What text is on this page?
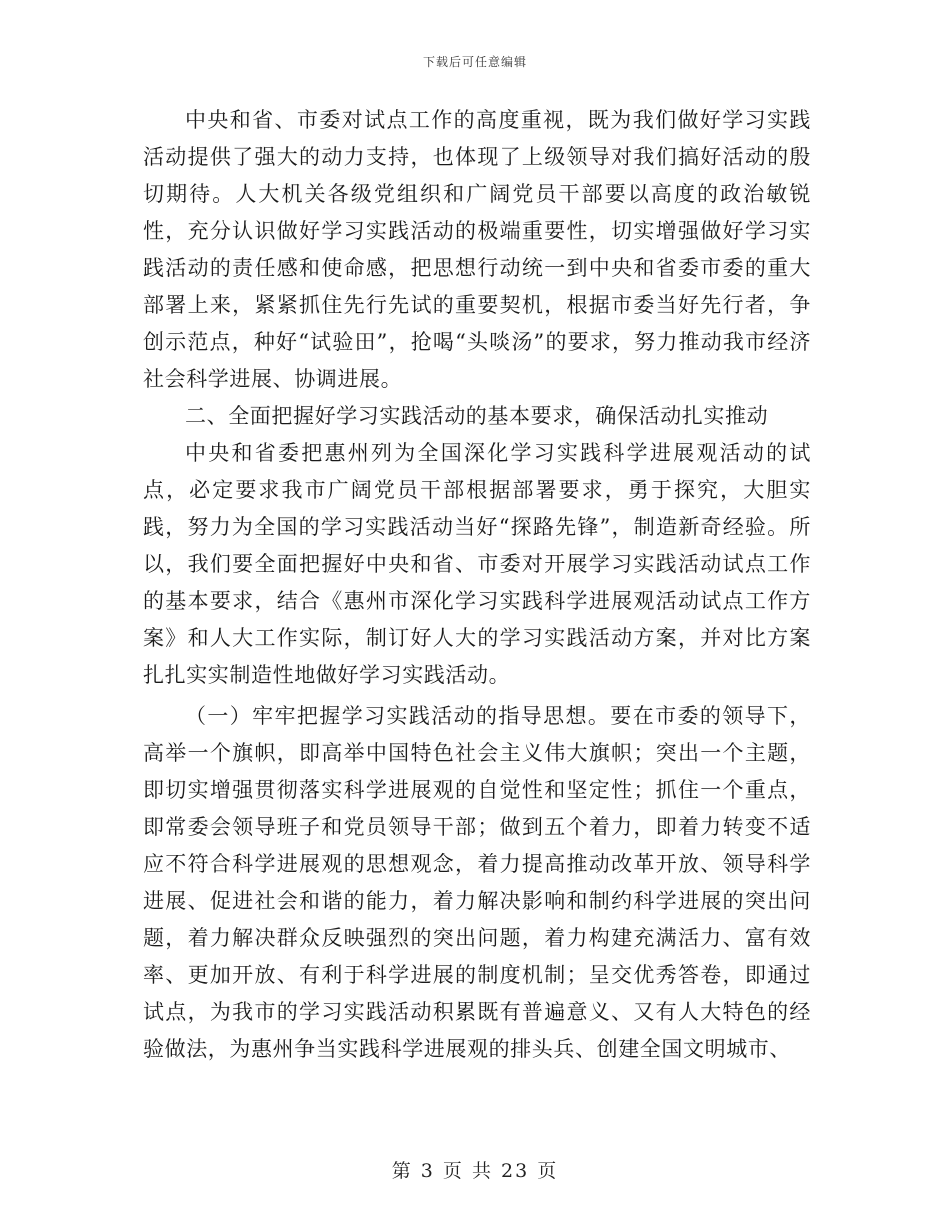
下载后可任意编辑

中央和省、市委对试点工作的高度重视，既为我们做好学习实践活动提供了强大的动力支持，也体现了上级领导对我们搞好活动的殷切期待。人大机关各级党组织和广阔党员干部要以高度的政治敏锐性，充分认识做好学习实践活动的极端重要性，切实增强做好学习实践活动的责任感和使命感，把思想行动统一到中央和省委市委的重大部署上来，紧紧抓住先行先试的重要契机，根据市委当好先行者，争创示范点，种好“试验田”，抢喝“头啖汤”的要求，努力推动我市经济社会科学进展、协调进展。

二、全面把握好学习实践活动的基本要求，确保活动扎实推动

中央和省委把惠州列为全国深化学习实践科学进展观活动的试点，必定要求我市广阔党员干部根据部署要求，勇于探究，大胆实践，努力为全国的学习实践活动当好“探路先锋”，制造新奇经验。所以，我们要全面把握好中央和省、市委对开展学习实践活动试点工作的基本要求，结合《惠州市深化学习实践科学进展观活动试点工作方案》和人大工作实际，制订好人大的学习实践活动方案，并对比方案扎扎实实制造性地做好学习实践活动。

（一）牢牢把握学习实践活动的指导思想。要在市委的领导下，高举一个旗帜，即高举中国特色社会主义伟大旗帜；突出一个主题，即切实增强贯彻落实科学进展观的自觉性和坚定性；抓住一个重点，即常委会领导班子和党员领导干部；做到五个着力，即着力转变不适应不符合科学进展观的思想观念，着力提高推动改革开放、领导科学进展、促进社会和谐的能力，着力解决影响和制约科学进展的突出问题，着力解决群众反映强烈的突出问题，着力构建充满活力、富有效率、更加开放、有利于科学进展的制度机制；呈交优秀答卷，即通过试点，为我市的学习实践活动积累既有普遍意义、又有人大特色的经验做法，为惠州争当实践科学进展观的排头兵、创建全国文明城市、

第 3 页 共 23 页
